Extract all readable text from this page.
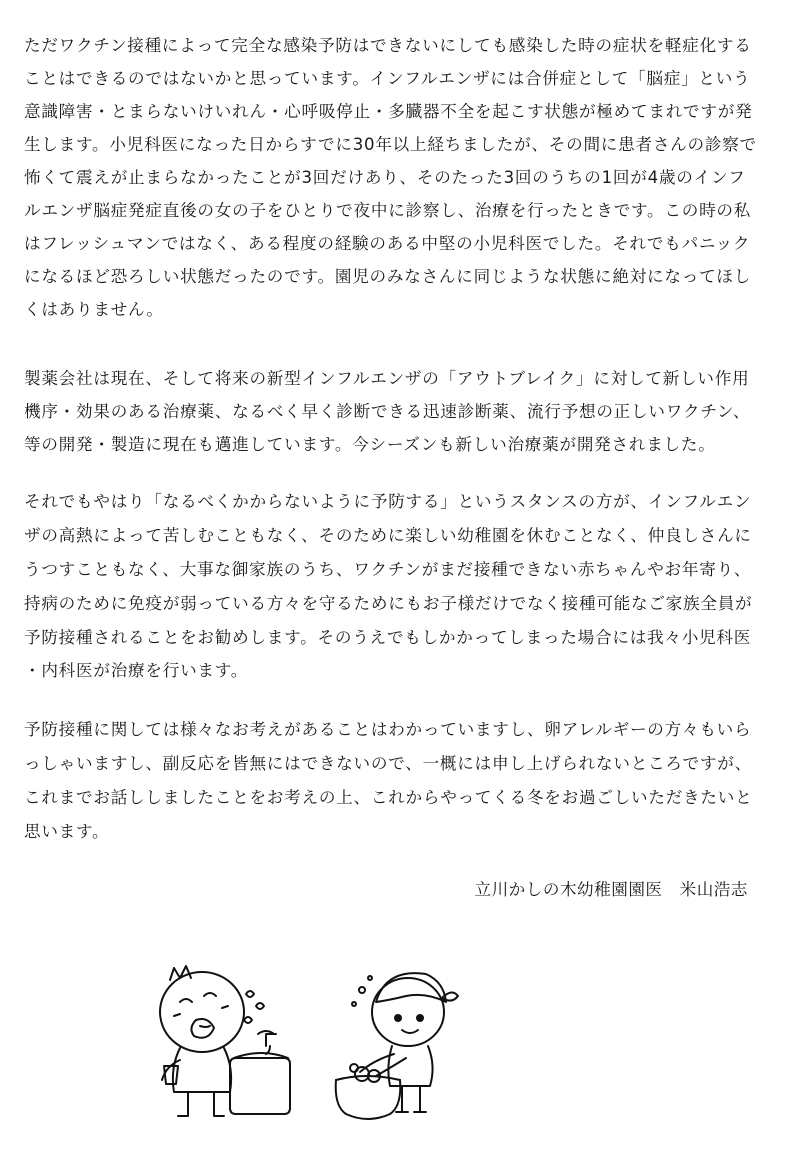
ただワクチン接種によって完全な感染予防はできないにしても感染した時の症状を軽症化する
ことはできるのではないかと思っています。インフルエンザには合併症として「脳症」という
意識障害・とまらないけいれん・心呼吸停止・多臓器不全を起こす状態が極めてまれですが発
生します。小児科医になった日からすでに30年以上経ちましたが、その間に患者さんの診察で
怖くて震えが止まらなかったことが3回だけあり、そのたった3回のうちの1回が4歳のインフ
ルエンザ脳症発症直後の女の子をひとりで夜中に診察し、治療を行ったときです。この時の私
はフレッシュマンではなく、ある程度の経験のある中堅の小児科医でした。それでもパニック
になるほど恐ろしい状態だったのです。園児のみなさんに同じような状態に絶対になってほし
くはありません。
製薬会社は現在、そして将来の新型インフルエンザの「アウトブレイク」に対して新しい作用
機序・効果のある治療薬、なるべく早く診断できる迅速診断薬、流行予想の正しいワクチン、
等の開発・製造に現在も邁進しています。今シーズンも新しい治療薬が開発されました。
それでもやはり「なるべくかからないように予防する」というスタンスの方が、インフルエン
ザの高熱によって苦しむこともなく、そのために楽しい幼稚園を休むことなく、仲良しさんに
うつすこともなく、大事な御家族のうち、ワクチンがまだ接種できない赤ちゃんやお年寄り、
持病のために免疫が弱っている方々を守るためにもお子様だけでなく接種可能なご家族全員が
予防接種されることをお勧めします。そのうえでもしかかってしまった場合には我々小児科医
・内科医が治療を行います。
予防接種に関しては様々なお考えがあることはわかっていますし、卵アレルギーの方々もいら
っしゃいますし、副反応を皆無にはできないので、一概には申し上げられないところですが、
これまでお話ししましたことをお考えの上、これからやってくる冬をお過ごしいただきたいと
思います。
立川かしの木幼稚園園医　米山浩志
